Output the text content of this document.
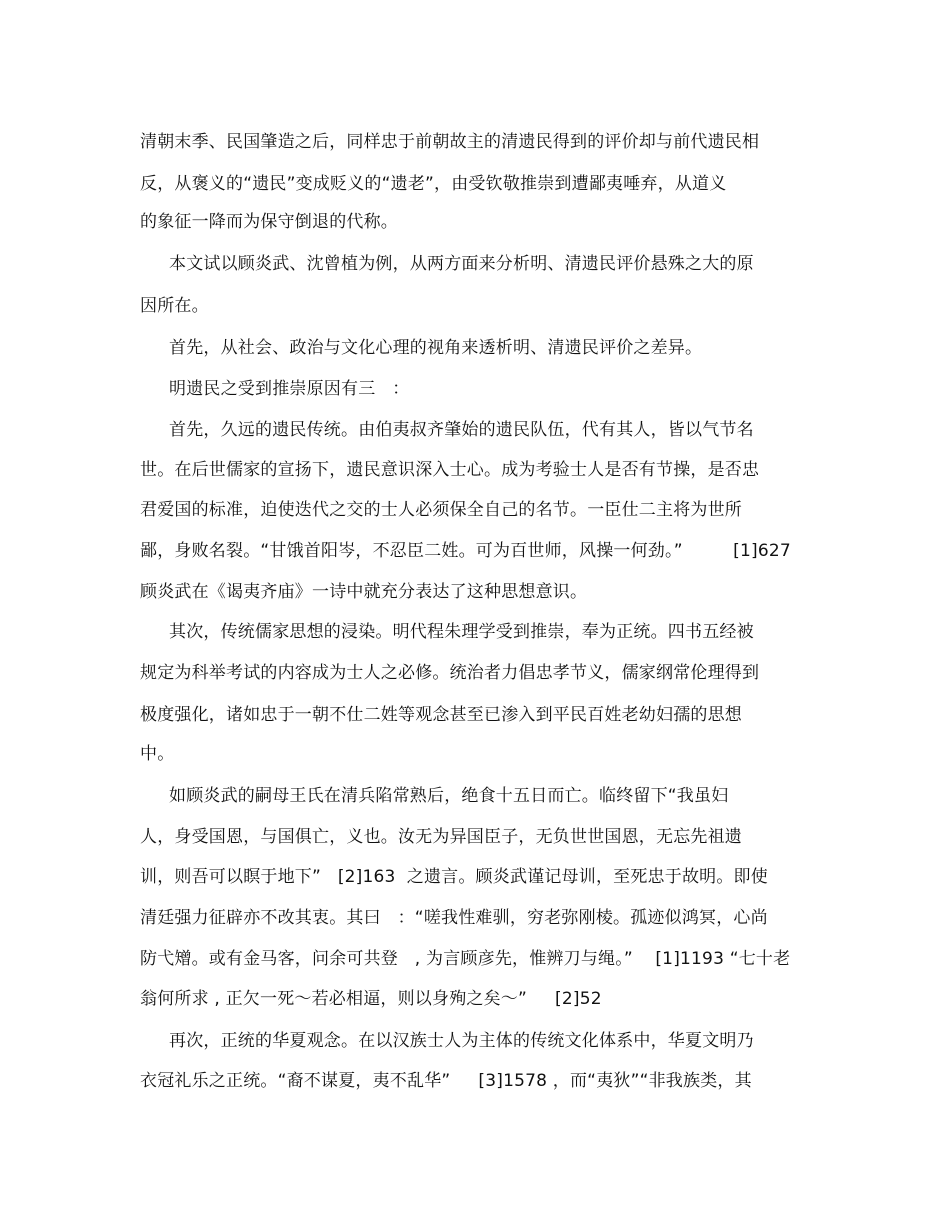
清朝末季、民国肇造之后，同样忠于前朝故主的清遗民得到的评价却与前代遗民相
反，从褒义的“遗民”变成贬义的“遗老”，由受钦敬推崇到遭鄙夷唾弃，从道义
的象征一降而为保守倒退的代称。
本文试以顾炎武、沈曾植为例，从两方面来分析明、清遗民评价悬殊之大的原
因所在。
首先，从社会、政治与文化心理的视角来透析明、清遗民评价之差异。
明遗民之受到推崇原因有三   ：
首先，久远的遗民传统。由伯夷叔齐肇始的遗民队伍，代有其人，皆以气节名
世。在后世儒家的宣扬下，遗民意识深入士心。成为考验士人是否有节操，是否忠
君爱国的标准，迫使迭代之交的士人必须保全自己的名节。一臣仕二主将为世所
鄙，身败名裂。“甘饿首阳岑，不忍臣二姓。可为百世师，风操一何劲。”         [1]627
顾炎武在《谒夷齐庙》一诗中就充分表达了这种思想意识。
其次，传统儒家思想的浸染。明代程朱理学受到推崇，奉为正统。四书五经被
规定为科举考试的内容成为士人之必修。统治者力倡忠孝节义，儒家纲常伦理得到
极度强化，诸如忠于一朝不仕二姓等观念甚至已渗入到平民百姓老幼妇孺的思想
中。
如顾炎武的嗣母王氏在清兵陷常熟后，绝食十五日而亡。临终留下“我虽妇
人，身受国恩，与国俱亡，义也。汝无为异国臣子，无负世世国恩，无忘先祖遗
训，则吾可以瞑于地下”   [2]163  之遗言。顾炎武谨记母训，至死忠于故明。即使
清廷强力征辟亦不改其衷。其曰   ：“嗟我性难驯，穷老弥刚棱。孤迹似鸿冥，心尚
防弋矰。或有金马客，问余可共登   , 为言顾彦先，惟辨刀与绳。”    [1]1193 “七十老
翁何所求 , 正欠一死～若必相逼，则以身殉之矣～”     [2]52
再次，正统的华夏观念。在以汉族士人为主体的传统文化体系中，华夏文明乃
衣冠礼乐之正统。“裔不谋夏，夷不乱华”     [3]1578 ，而“夷狄”“非我族类，其
